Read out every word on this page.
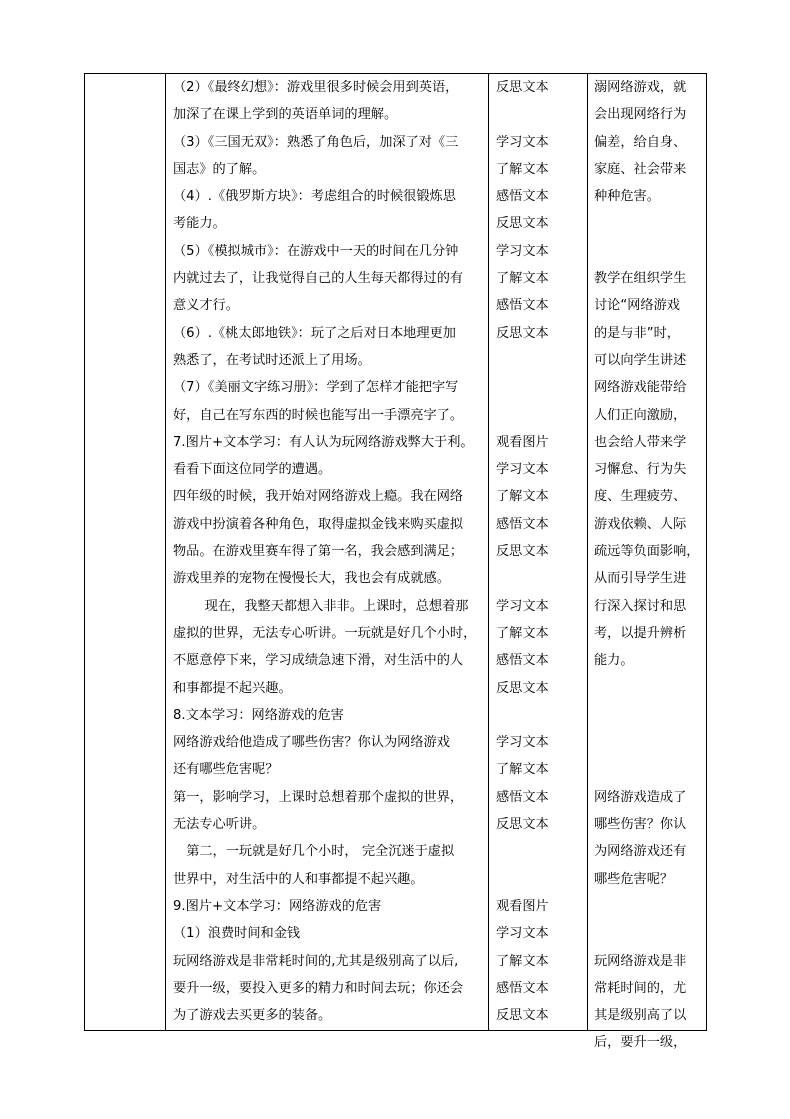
（2）《最终幻想》：游戏里很多时候会用到英语，

加深了在课上学到的英语单词的理解。

（3）《三国无双》：熟悉了角色后，加深了对《三

国志》的了解。

（4）.《俄罗斯方块》：考虑组合的时候很锻炼思

考能力。

（5）《模拟城市》：在游戏中一天的时间在几分钟

内就过去了，让我觉得自己的人生每天都得过的有

意义才行。

（6）.《桃太郎地铁》：玩了之后对日本地理更加

熟悉了，在考试时还派上了用场。

（7）《美丽文字练习册》：学到了怎样才能把字写

好，自己在写东西的时候也能写出一手漂亮字了。

7.图片+文本学习：有人认为玩网络游戏弊大于利。

看看下面这位同学的遭遇。

四年级的时候，我开始对网络游戏上瘾。我在网络

游戏中扮演着各种角色，取得虚拟金钱来购买虚拟

物品。在游戏里赛车得了第一名，我会感到满足；

游戏里养的宠物在慢慢长大，我也会有成就感。

现在，我整天都想入非非。上课时，总想着那

虚拟的世界，无法专心听讲。一玩就是好几个小时，

不愿意停下来，学习成绩急速下滑，对生活中的人

和事都提不起兴趣。

8.文本学习：网络游戏的危害

网络游戏给他造成了哪些伤害？你认为网络游戏

还有哪些危害呢？

第一，影响学习，上课时总想着那个虚拟的世界，

无法专心听讲。

第二，一玩就是好几个小时， 完全沉迷于虚拟

世界中，对生活中的人和事都提不起兴趣。

9.图片+文本学习：网络游戏的危害

（1）浪费时间和金钱

玩网络游戏是非常耗时间的,尤其是级别高了以后,

要升一级，要投入更多的精力和时间去玩；你还会

为了游戏去买更多的装备。

反思文本

学习文本

了解文本

感悟文本

反思文本

学习文本

了解文本

感悟文本

反思文本

观看图片

学习文本

了解文本

感悟文本

反思文本

学习文本

了解文本

感悟文本

反思文本

学习文本

了解文本

感悟文本

反思文本

观看图片

学习文本

了解文本

感悟文本

反思文本

溺网络游戏，就

会出现网络行为

偏差，给自身、

家庭、社会带来

种种危害。

教学在组织学生

讨论“网络游戏

的是与非”时，

可以向学生讲述

网络游戏能带给

人们正向激励，

也会给人带来学

习懈怠、行为失

度、生理疲劳、

游戏依赖、人际

疏远等负面影响，

从而引导学生进

行深入探讨和思

考，以提升辨析

能力。

网络游戏造成了

哪些伤害？你认

为网络游戏还有

哪些危害呢？

玩网络游戏是非

常耗时间的，尤

其是级别高了以

后，要升一级，
